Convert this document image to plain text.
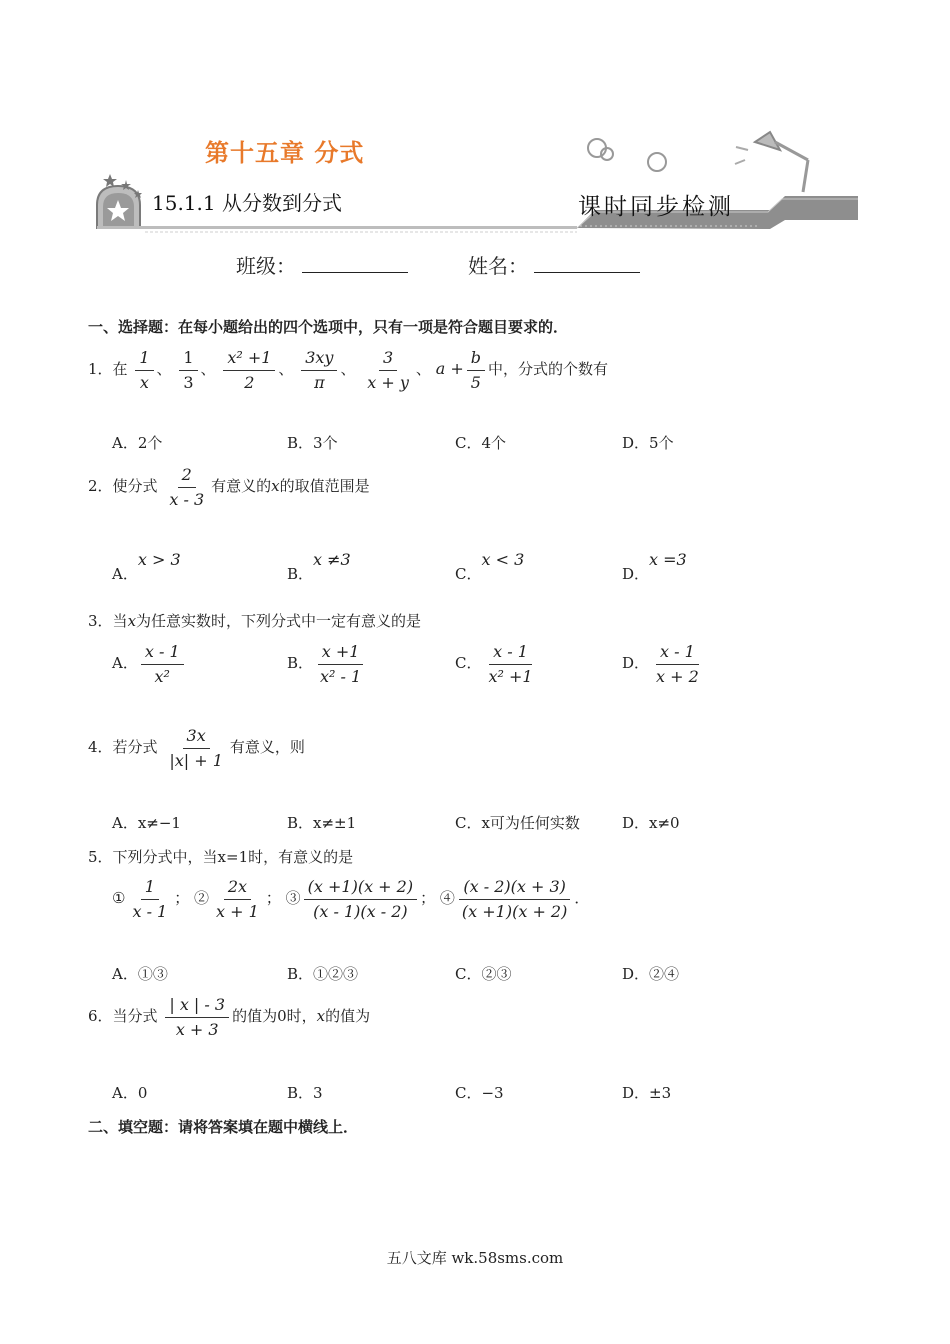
第十五章 分式
15.1.1 从分数到分式	课时同步检测
班级：	姓名：
一、选择题：在每小题给出的四个选项中，只有一项是符合题目要求的．
1．在 $\frac{1}{x}$ 、 $\frac{1}{3}$ 、 $\frac{\text{x² +1}}{2}$ 、 $\frac{3xy}{\pi}$ 、 $\frac{3}{x + y}$ 、 $a + \frac{b}{5}$ 中，分式的个数有
A．2个	B．3个	C．4个	D．5个
2．使分式 $\frac{2}{x - 3}$ 有意义的x的取值范围是
A．x > 3
B．x ≠3
C．x < 3
D．x =3
3．当x为任意实数时，下列分式中一定有意义的是
A． $\frac{x - 1}{\text{x²}}$	B． $\frac{x +1}{\text{x² - 1}}$	C． $\frac{x - 1}{\text{x² +1}}$	D． $\frac{x - 1}{x + 2}$
4．若分式 $\frac{3x}{|x| + 1}$ 有意义，则
A．x≠−1	B．x≠±1	C．x可为任何实数	D．x≠0
5．下列分式中，当x=1时，有意义的是
① $\frac{1}{x - 1}$ ； ② $\frac{2x}{x + 1}$ ； ③ $\frac{(x +1)(x + 2)}{(x - 1)(x - 2)}$ ； ④ $\frac{(x - 2)(x + 3)}{(x +1)(x + 2)}$ ．
A．①③	B．①②③	C．②③	D．②④
6．当分式 $\frac{| x | - 3}{x + 3}$ 的值为0时，x的值为
A．0	B．3	C．−3	D．±3
二、填空题：请将答案填在题中横线上．
五八文库 wk.58sms.com
